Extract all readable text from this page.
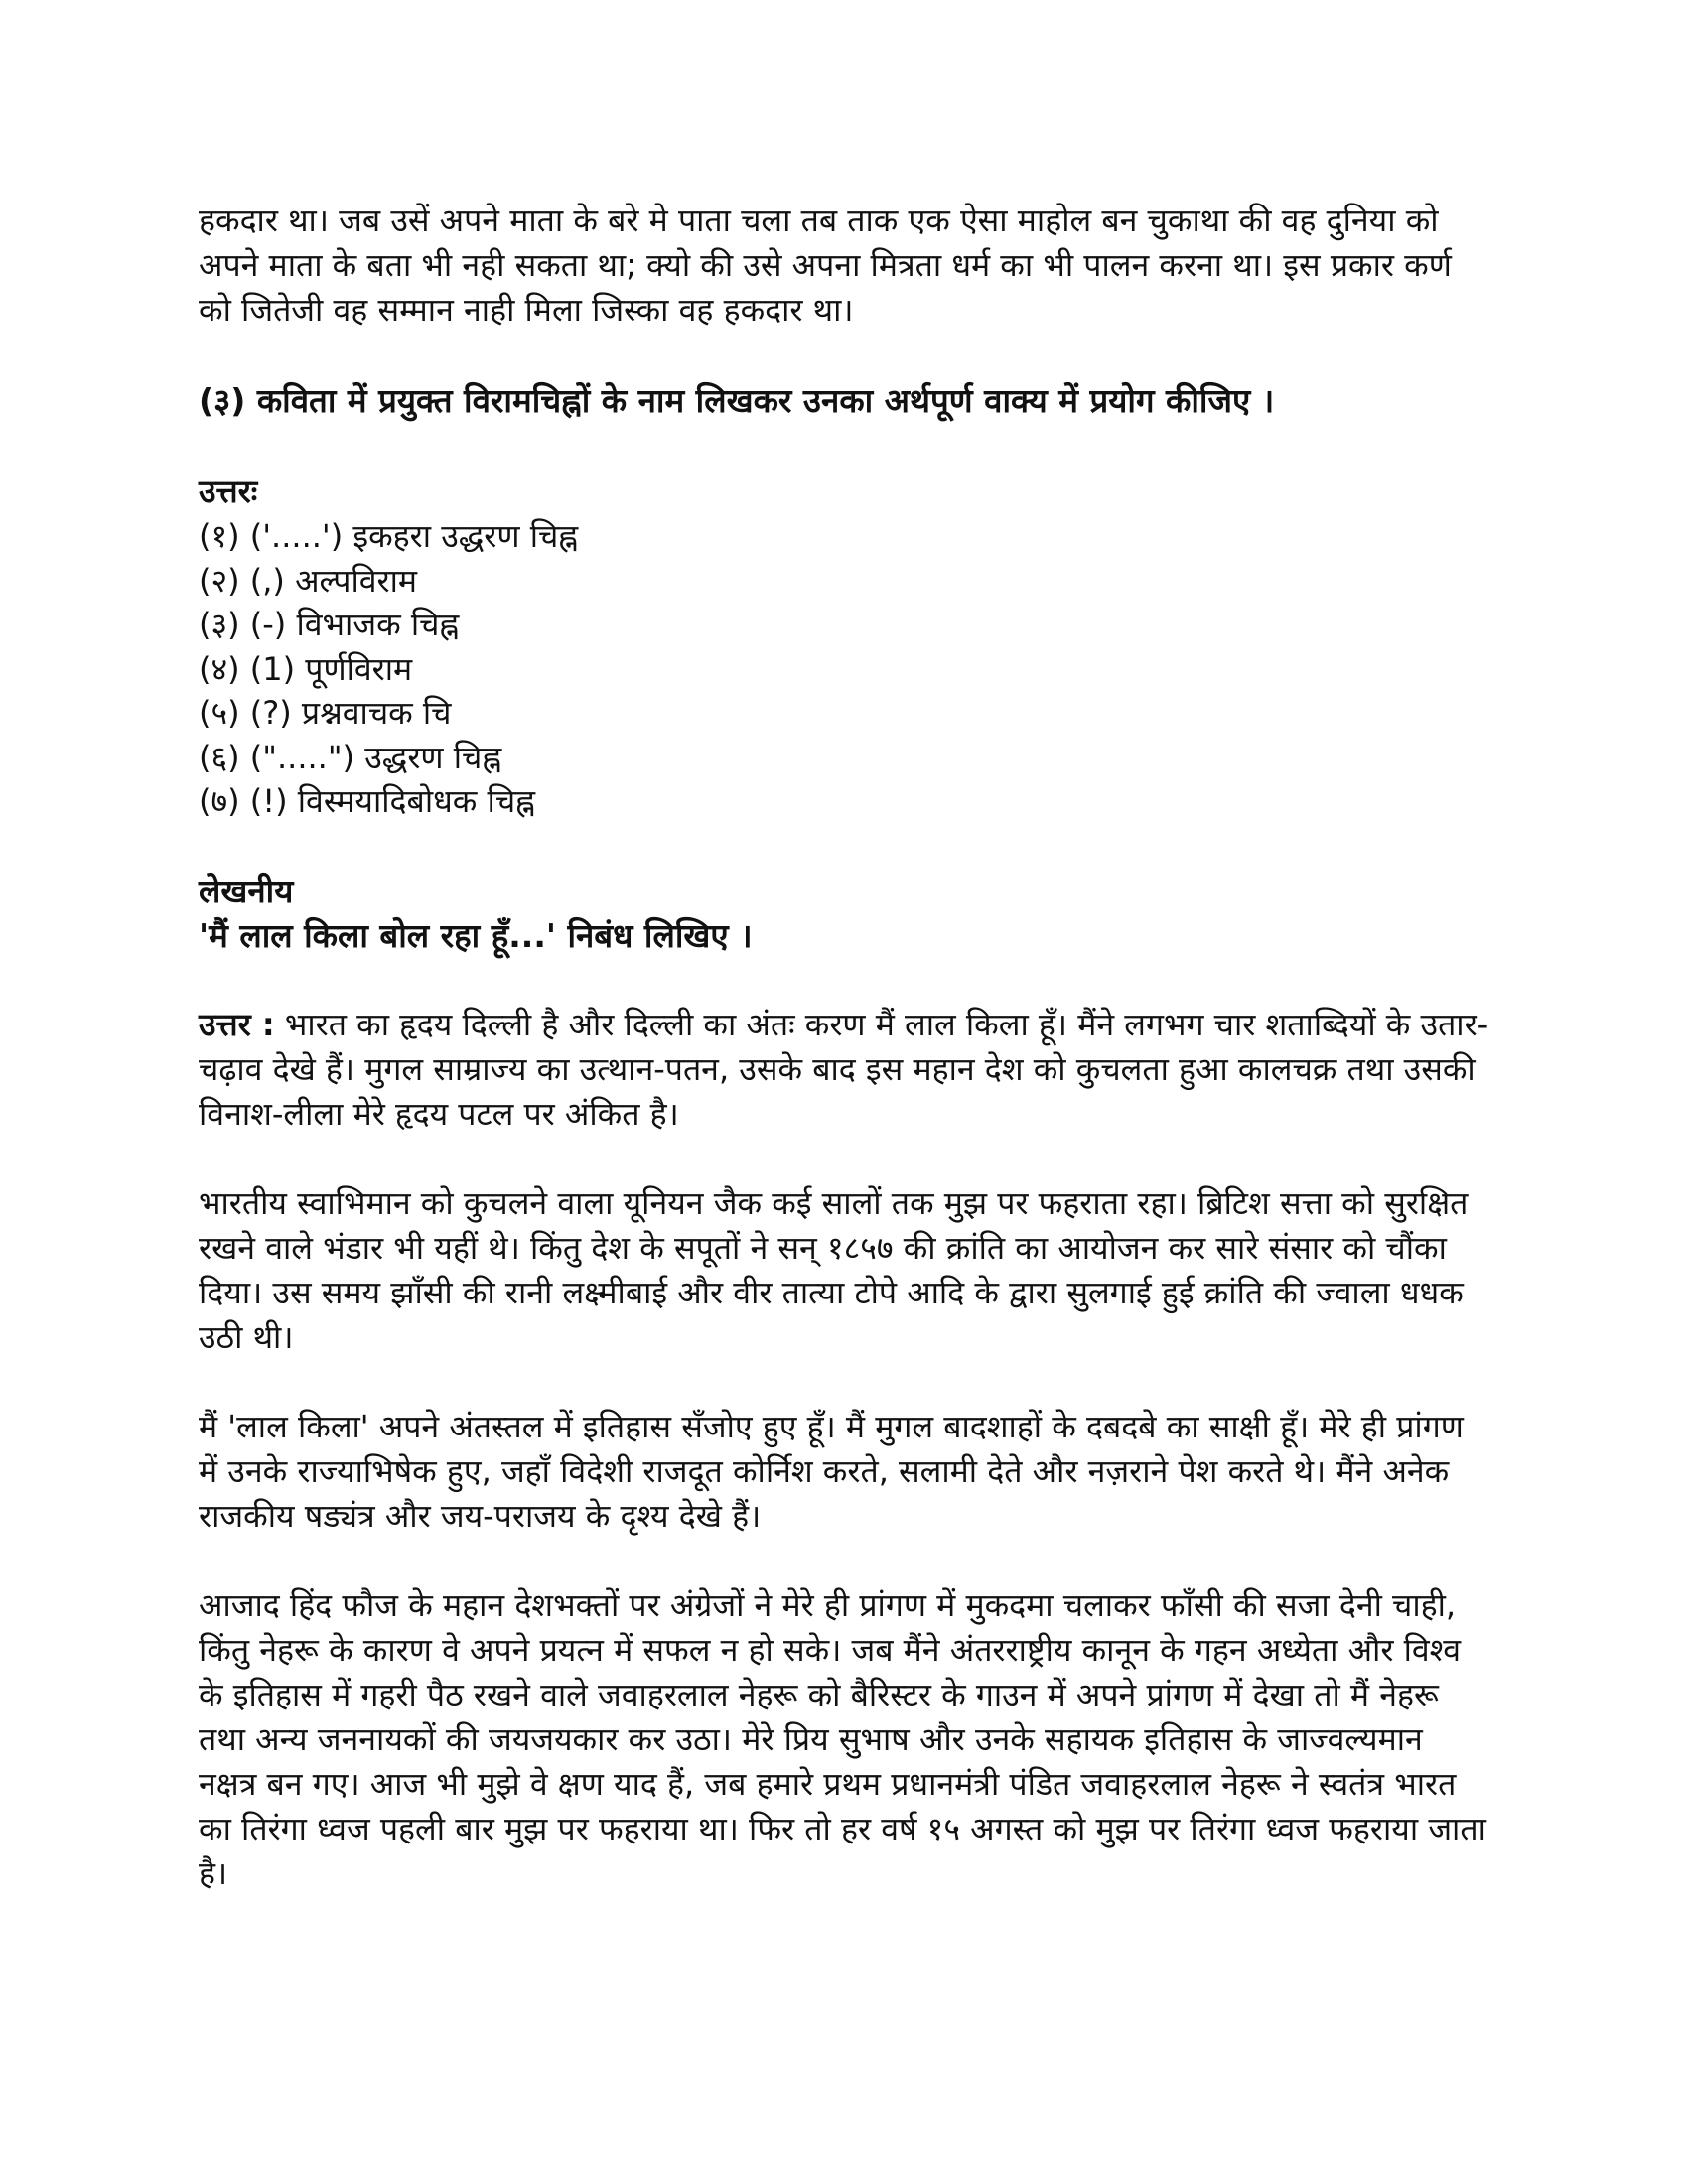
हकदार था। जब उसें अपने माता के बरे मे पाता चला तब ताक एक ऐसा माहोल बन चुकाथा की वह दुनिया को अपने माता के बता भी नही सकता था; क्यो की उसे अपना मित्रता धर्म का भी पालन करना था। इस प्रकार कर्ण को जितेजी वह सम्मान नाही मिला जिस्का वह हकदार था।

(३) कविता में प्रयुक्त विरामचिह्नों के नाम लिखकर उनका अर्थपूर्ण वाक्य में प्रयोग कीजिए ।

उत्तरः

(१) ('.....') इकहरा उद्धरण चिह्न
(२) (,) अल्पविराम
(३) (-) विभाजक चिह्न
(४) (1) पूर्णविराम
(५) (?) प्रश्नवाचक चि
(६) (".....") उद्धरण चिह्न
(७) (!) विस्मयादिबोधक चिह्न

लेखनीय

'मैं लाल किला बोल रहा हूँ...' निबंध लिखिए ।

उत्तर : भारत का हृदय दिल्ली है और दिल्ली का अंतः करण मैं लाल किला हूँ। मैंने लगभग चार शताब्दियों के उतार-चढ़ाव देखे हैं। मुगल साम्राज्य का उत्थान-पतन, उसके बाद इस महान देश को कुचलता हुआ कालचक्र तथा उसकी विनाश-लीला मेरे हृदय पटल पर अंकित है।

भारतीय स्वाभिमान को कुचलने वाला यूनियन जैक कई सालों तक मुझ पर फहराता रहा। ब्रिटिश सत्ता को सुरक्षित रखने वाले भंडार भी यहीं थे। किंतु देश के सपूतों ने सन् १८५७ की क्रांति का आयोजन कर सारे संसार को चौंका दिया। उस समय झाँसी की रानी लक्ष्मीबाई और वीर तात्या टोपे आदि के द्वारा सुलगाई हुई क्रांति की ज्वाला धधक उठी थी।

मैं 'लाल किला' अपने अंतस्तल में इतिहास सँजोए हुए हूँ। मैं मुगल बादशाहों के दबदबे का साक्षी हूँ। मेरे ही प्रांगण में उनके राज्याभिषेक हुए, जहाँ विदेशी राजदूत कोर्निश करते, सलामी देते और नज़राने पेश करते थे। मैंने अनेक राजकीय षड्यंत्र और जय-पराजय के दृश्य देखे हैं।

आजाद हिंद फौज के महान देशभक्तों पर अंग्रेजों ने मेरे ही प्रांगण में मुकदमा चलाकर फाँसी की सजा देनी चाही, किंतु नेहरू के कारण वे अपने प्रयत्न में सफल न हो सके। जब मैंने अंतरराष्ट्रीय कानून के गहन अध्येता और विश्व के इतिहास में गहरी पैठ रखने वाले जवाहरलाल नेहरू को बैरिस्टर के गाउन में अपने प्रांगण में देखा तो मैं नेहरू तथा अन्य जननायकों की जयजयकार कर उठा। मेरे प्रिय सुभाष और उनके सहायक इतिहास के जाज्वल्यमान नक्षत्र बन गए। आज भी मुझे वे क्षण याद हैं, जब हमारे प्रथम प्रधानमंत्री पंडित जवाहरलाल नेहरू ने स्वतंत्र भारत का तिरंगा ध्वज पहली बार मुझ पर फहराया था। फिर तो हर वर्ष १५ अगस्त को मुझ पर तिरंगा ध्वज फहराया जाता है।
